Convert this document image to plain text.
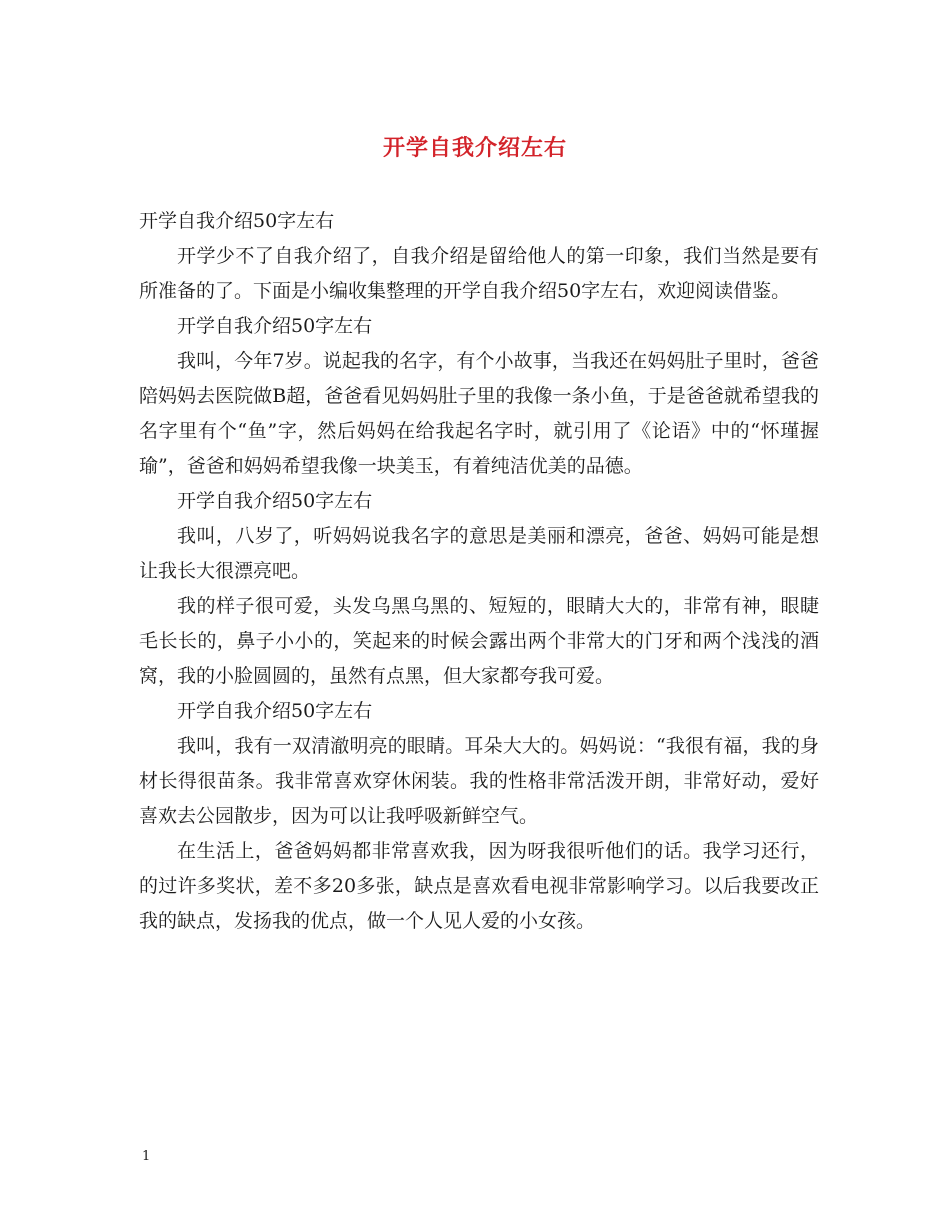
开学自我介绍左右

开学自我介绍50字左右

开学少不了自我介绍了，自我介绍是留给他人的第一印象，我们当然是要有所准备的了。下面是小编收集整理的开学自我介绍50字左右，欢迎阅读借鉴。

开学自我介绍50字左右

我叫，今年7岁。说起我的名字，有个小故事，当我还在妈妈肚子里时，爸爸陪妈妈去医院做B超，爸爸看见妈妈肚子里的我像一条小鱼，于是爸爸就希望我的名字里有个“鱼”字，然后妈妈在给我起名字时，就引用了《论语》中的“怀瑾握瑜”，爸爸和妈妈希望我像一块美玉，有着纯洁优美的品德。

开学自我介绍50字左右

我叫，八岁了，听妈妈说我名字的意思是美丽和漂亮，爸爸、妈妈可能是想让我长大很漂亮吧。

我的样子很可爱，头发乌黑乌黑的、短短的，眼睛大大的，非常有神，眼睫毛长长的，鼻子小小的，笑起来的时候会露出两个非常大的门牙和两个浅浅的酒窝，我的小脸圆圆的，虽然有点黑，但大家都夸我可爱。

开学自我介绍50字左右

我叫，我有一双清澈明亮的眼睛。耳朵大大的。妈妈说：“我很有福，我的身材长得很苗条。我非常喜欢穿休闲装。我的性格非常活泼开朗，非常好动，爱好喜欢去公园散步，因为可以让我呼吸新鲜空气。

在生活上，爸爸妈妈都非常喜欢我，因为呀我很听他们的话。我学习还行，的过许多奖状，差不多20多张，缺点是喜欢看电视非常影响学习。以后我要改正我的缺点，发扬我的优点，做一个人见人爱的小女孩。

1
